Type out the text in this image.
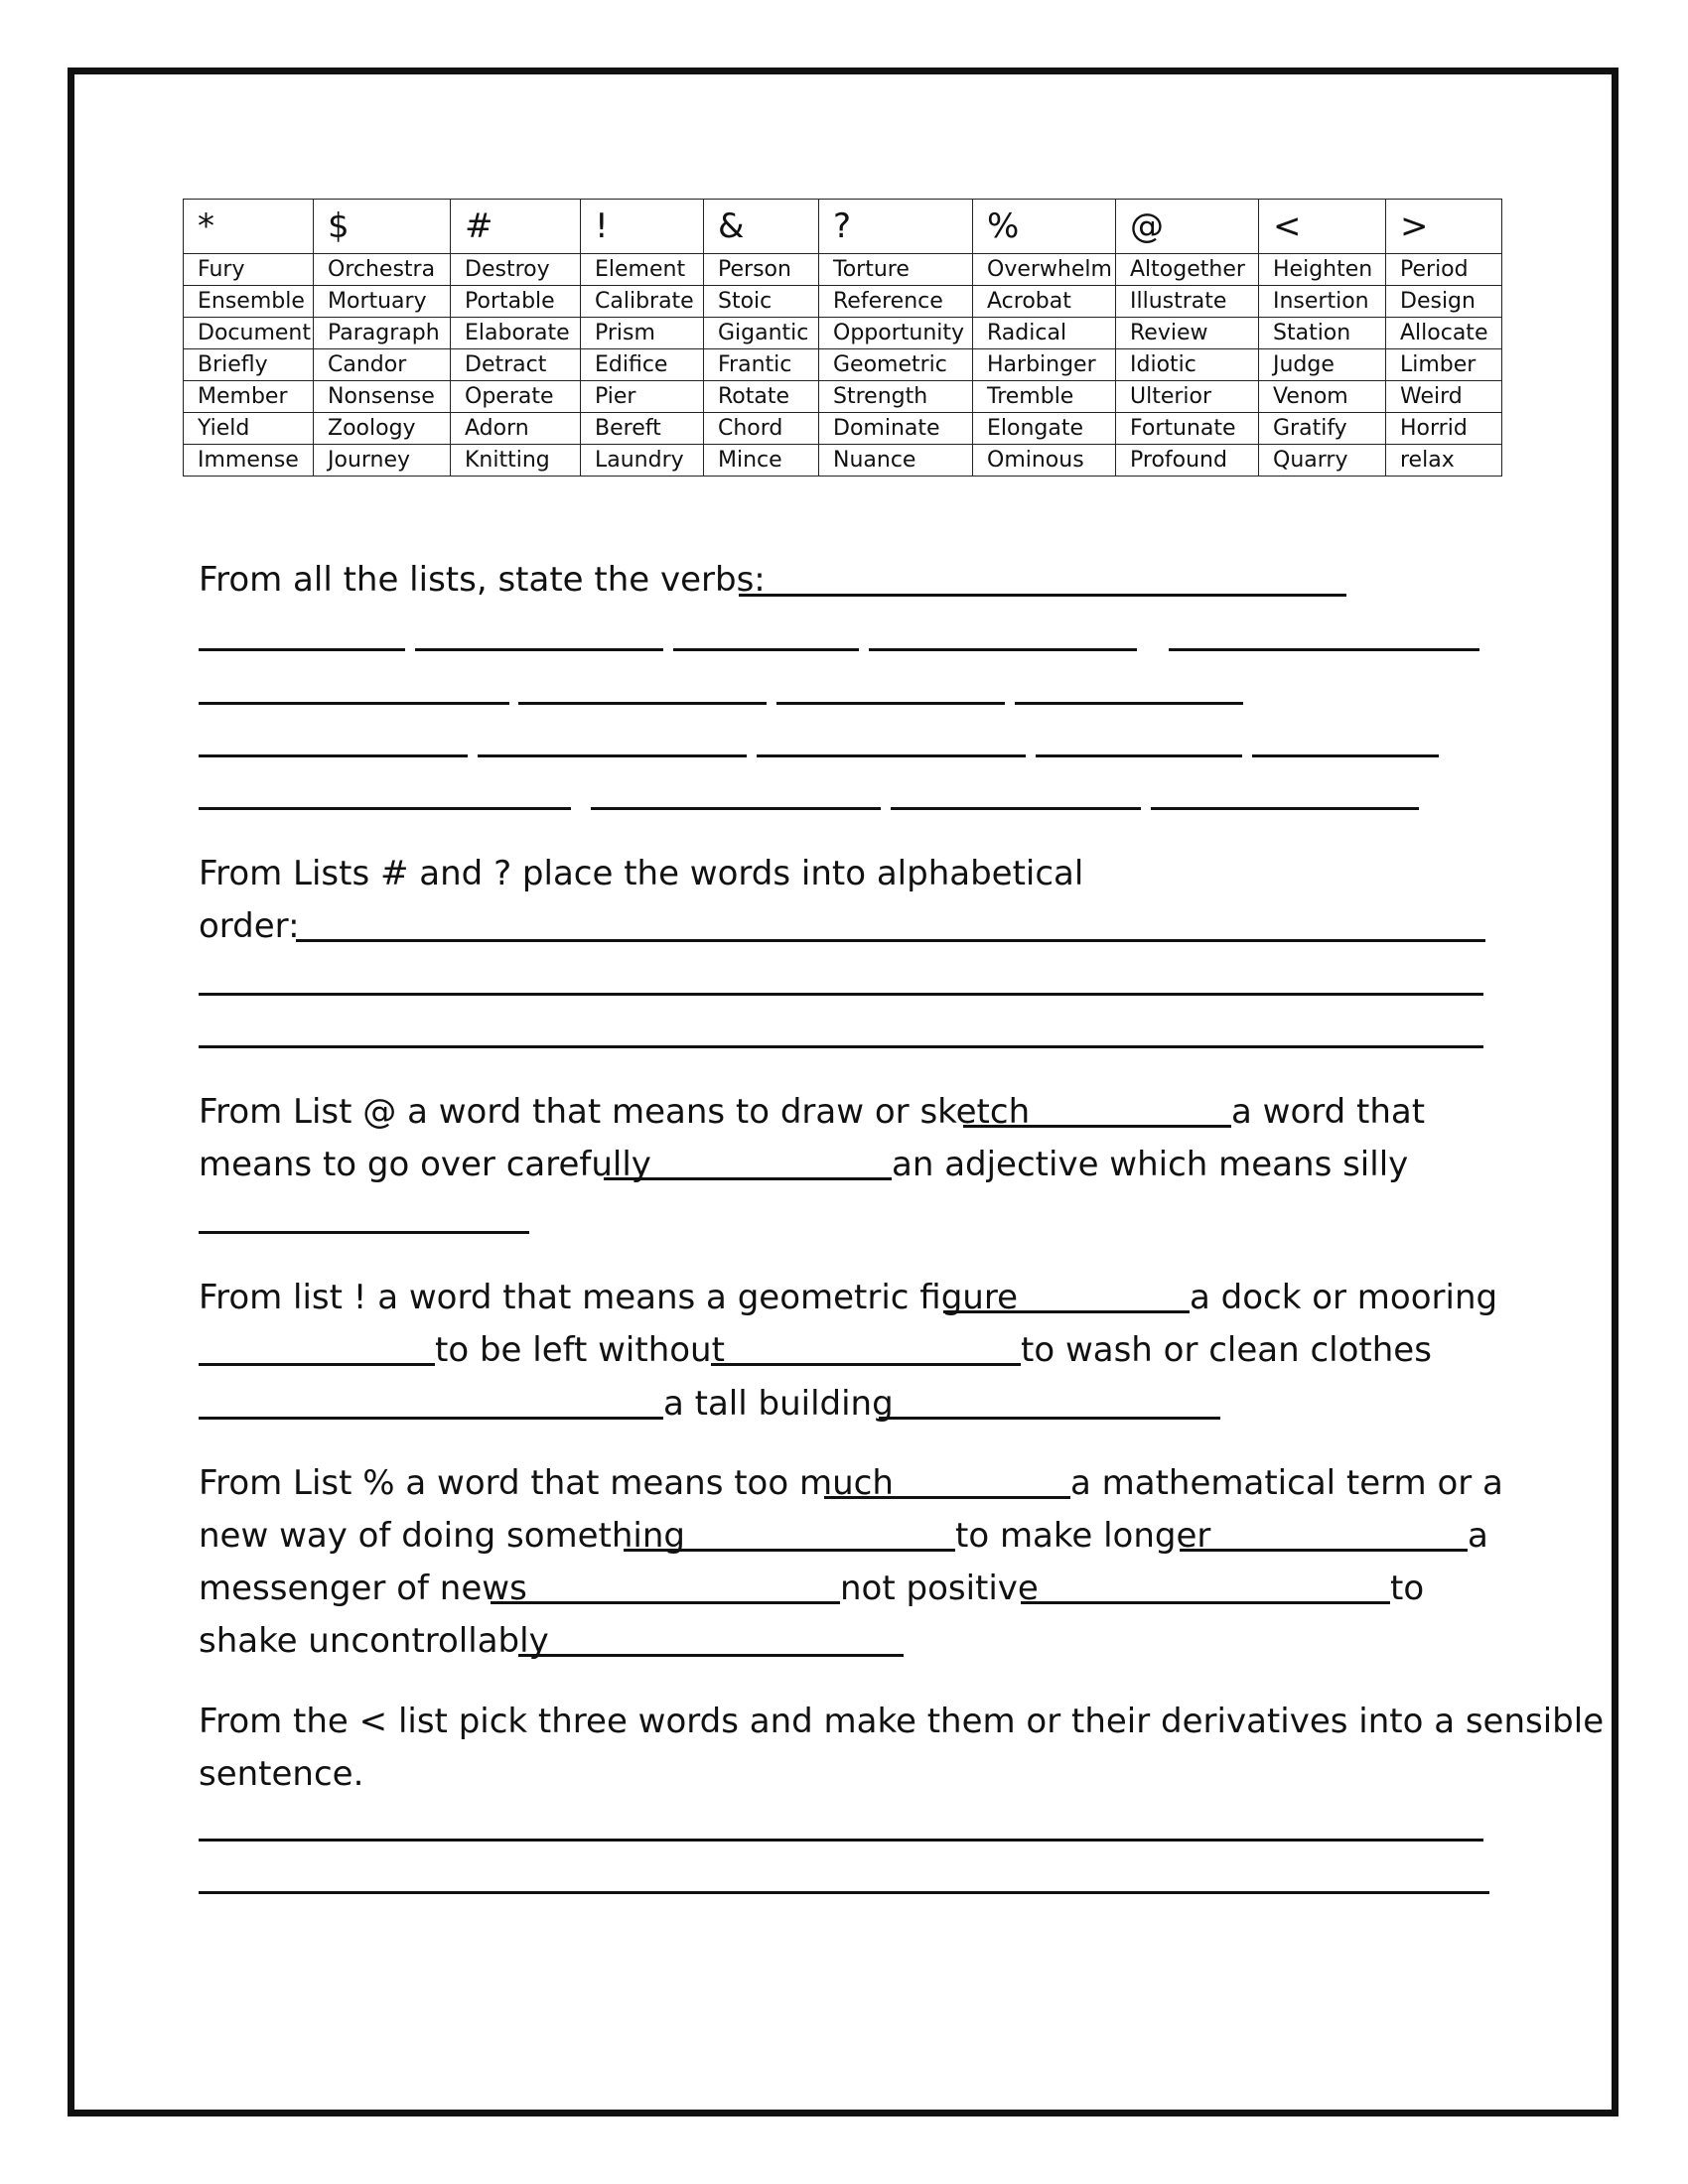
*	$	#	!	&	?	%	@	<	>
Fury	Orchestra	Destroy	Element	Person	Torture	Overwhelm	Altogether	Heighten	Period
Ensemble	Mortuary	Portable	Calibrate	Stoic	Reference	Acrobat	Illustrate	Insertion	Design
Document	Paragraph	Elaborate	Prism	Gigantic	Opportunity	Radical	Review	Station	Allocate
Briefly	Candor	Detract	Edifice	Frantic	Geometric	Harbinger	Idiotic	Judge	Limber
Member	Nonsense	Operate	Pier	Rotate	Strength	Tremble	Ulterior	Venom	Weird
Yield	Zoology	Adorn	Bereft	Chord	Dominate	Elongate	Fortunate	Gratify	Horrid
Immense	Journey	Knitting	Laundry	Mince	Nuance	Ominous	Profound	Quarry	relax
From all the lists, state the verbs:
From Lists # and ? place the words into alphabetical
order:
From List @ a word that means to draw or sketch	a word that
means to go over carefully	an adjective which means silly
From list ! a word that means a geometric figure	a dock or mooring
to be left without	to wash or clean clothes
a tall building
From List % a word that means too much	a mathematical term or a
new way of doing something	to make longer	a
messenger of news	not positive	to
shake uncontrollably
From the < list pick three words and make them or their derivatives into a sensible
sentence.
